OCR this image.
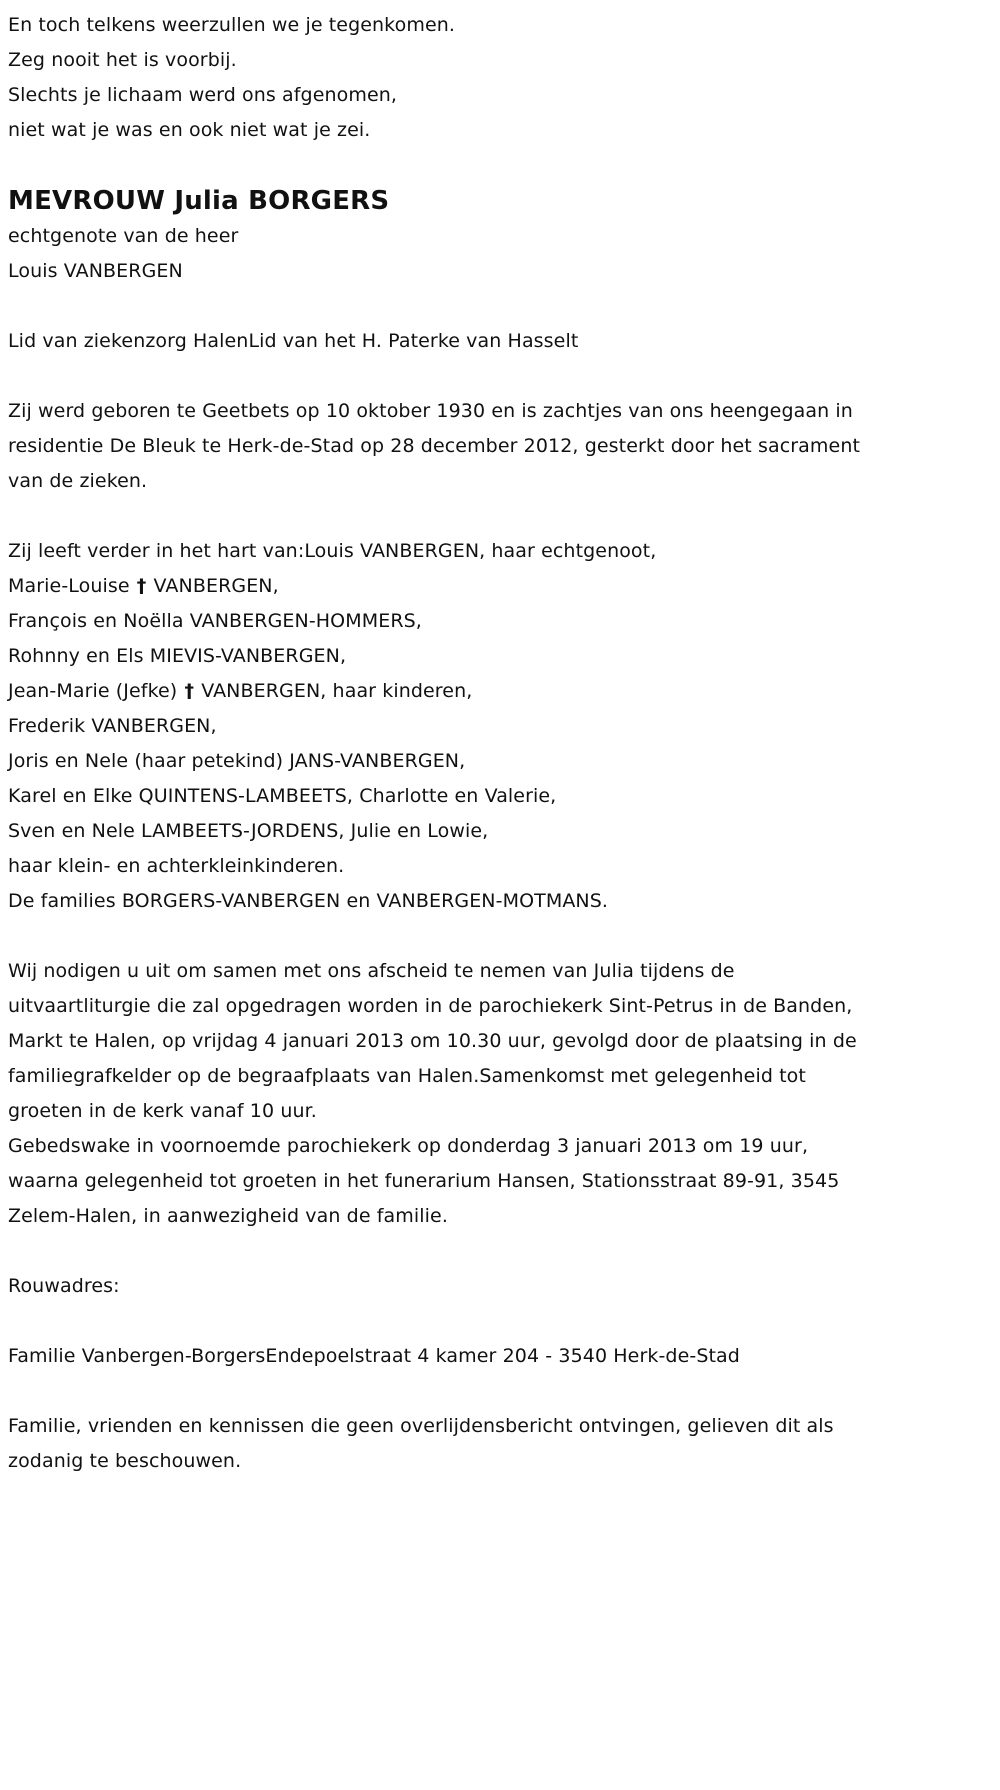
En toch telkens weerzullen we je tegenkomen.
Zeg nooit het is voorbij.
Slechts je lichaam werd ons afgenomen,
niet wat je was en ook niet wat je zei.
MEVROUW Julia BORGERS
echtgenote van de heer
Louis VANBERGEN
Lid van ziekenzorg HalenLid van het H. Paterke van Hasselt
Zij werd geboren te Geetbets op 10 oktober 1930 en is zachtjes van ons heengegaan in residentie De Bleuk te Herk-de-Stad op 28 december 2012, gesterkt door het sacrament van de zieken.
Zij leeft verder in het hart van:Louis VANBERGEN, haar echtgenoot,
Marie-Louise † VANBERGEN,
François en Noëlla VANBERGEN-HOMMERS,
Rohnny en Els MIEVIS-VANBERGEN,
Jean-Marie (Jefke) † VANBERGEN, haar kinderen,
Frederik VANBERGEN,
Joris en Nele (haar petekind) JANS-VANBERGEN,
Karel en Elke QUINTENS-LAMBEETS, Charlotte en Valerie,
Sven en Nele LAMBEETS-JORDENS, Julie en Lowie,
haar klein- en achterkleinkinderen.
De families BORGERS-VANBERGEN en VANBERGEN-MOTMANS.
Wij nodigen u uit om samen met ons afscheid te nemen van Julia tijdens de uitvaartliturgie die zal opgedragen worden in de parochiekerk Sint-Petrus in de Banden, Markt te Halen, op vrijdag 4 januari 2013 om 10.30 uur, gevolgd door de plaatsing in de familiegrafkelder op de begraafplaats van Halen.Samenkomst met gelegenheid tot groeten in de kerk vanaf 10 uur.
Gebedswake in voornoemde parochiekerk op donderdag 3 januari 2013 om 19 uur, waarna gelegenheid tot groeten in het funerarium Hansen, Stationsstraat 89-91, 3545 Zelem-Halen, in aanwezigheid van de familie.
Rouwadres:
Familie Vanbergen-BorgersEndepoelstraat 4 kamer 204 - 3540 Herk-de-Stad
Familie, vrienden en kennissen die geen overlijdensbericht ontvingen, gelieven dit als zodanig te beschouwen.
